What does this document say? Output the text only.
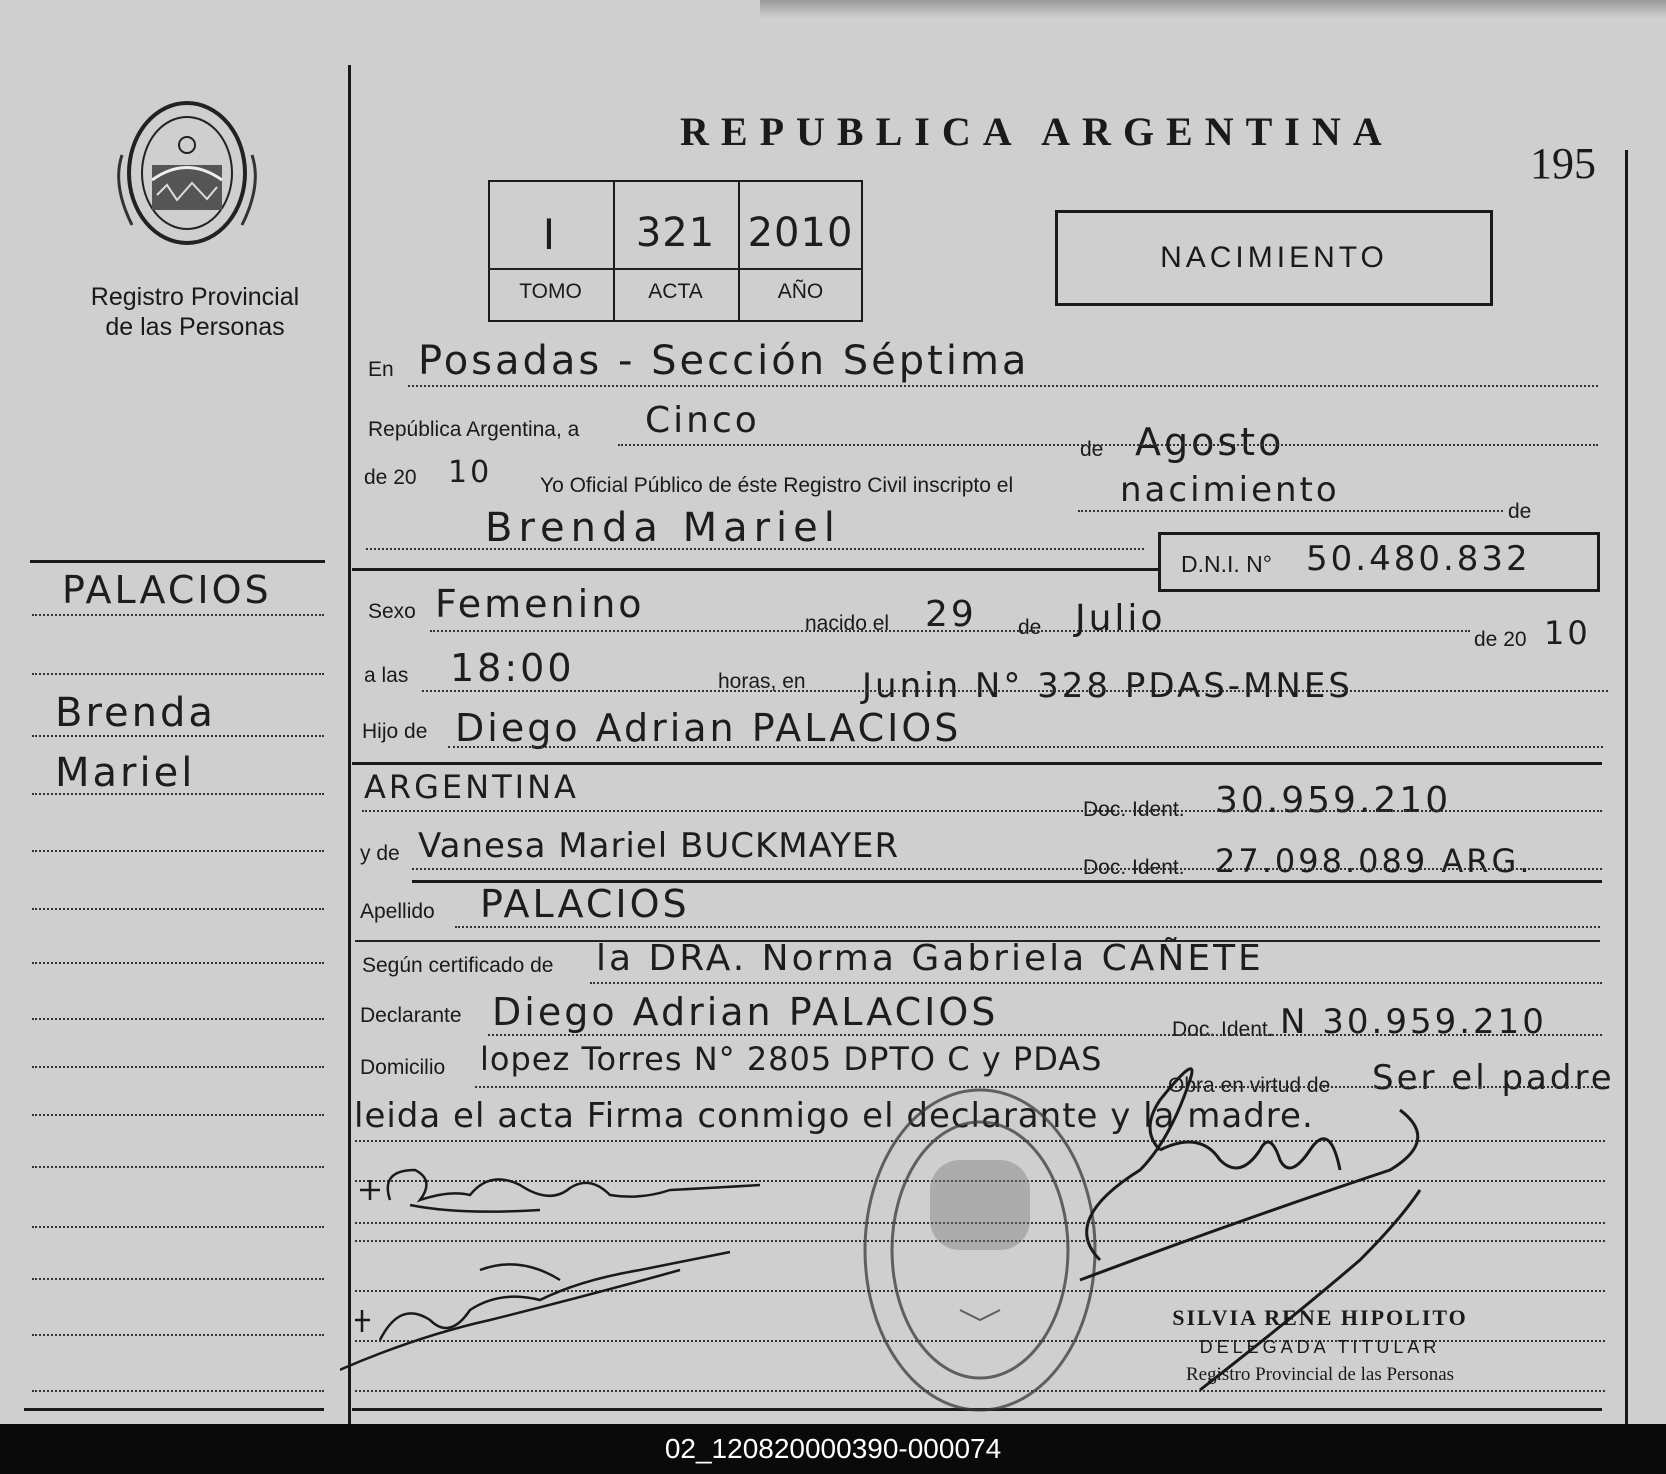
Registro Provincial
de las Personas
REPUBLICA ARGENTINA
195
I	321 2010
TOMO	ACTA	AÑO
NACIMIENTO
PALACIOS
Brenda
Mariel
En Posadas - Sección Séptima
República Argentina, a Cinco
de Agosto
de 20 10 Yo Oficial Público de éste Registro Civil inscripto el	nacimiento
de
Brenda Mariel
D.N.I. N° 50.480.832
Sexo Femenino	nacido el 29 de Julio
de 20 10
a las 18:00	horas, en Junin N° 328 PDAS-MNES
Hijo de Diego Adrian PALACIOS
ARGENTINA
Doc. Ident. 30.959.210
y de Vanesa Mariel BUCKMAYER
Doc. Ident. 27.098.089 ARG.
Apellido PALACIOS
Según certificado de la DRA. Norma Gabriela CAÑETE
Declarante Diego Adrian PALACIOS	Doc. Ident. N 30.959.210
Domicilio lopez Torres N° 2805 DPTO C y PDAS
Obra en virtud de Ser el padre
leida el acta Firma conmigo el declarante y la madre.
SILVIA RENE HIPOLITO
DELEGADA TITULAR
Registro Provincial de las Personas
02_120820000390-000074
